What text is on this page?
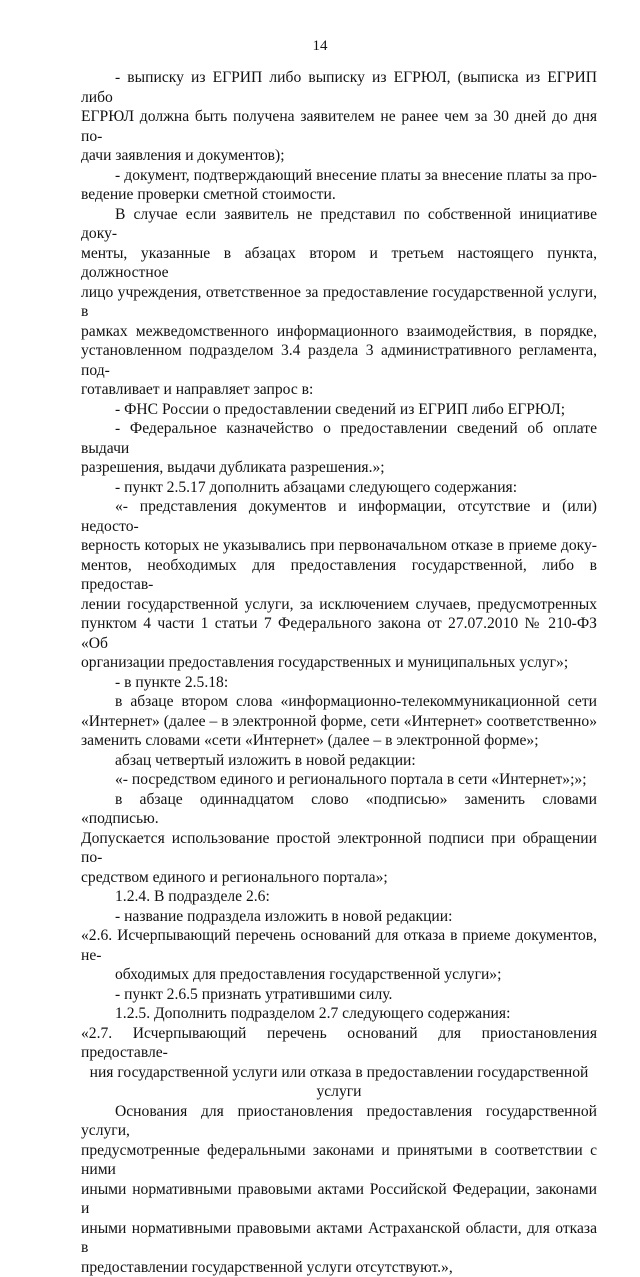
14

- выписку из ЕГРИП либо выписку из ЕГРЮЛ, (выписка из ЕГРИП либо

ЕГРЮЛ должна быть получена заявителем не ранее чем за 30 дней до дня по-

дачи заявления и документов);

- документ, подтверждающий внесение платы за внесение платы за про-

ведение проверки сметной стоимости.

В случае если заявитель не представил по собственной инициативе доку-

менты, указанные в абзацах втором и третьем настоящего пункта, должностное

лицо учреждения, ответственное за предоставление государственной услуги, в

рамках межведомственного информационного взаимодействия, в порядке,

установленном подразделом 3.4 раздела 3 административного регламента, под-

готавливает и направляет запрос в:

- ФНС России о предоставлении сведений из ЕГРИП либо ЕГРЮЛ;

- Федеральное казначейство о предоставлении сведений об оплате выдачи

разрешения, выдачи дубликата разрешения.»;

- пункт 2.5.17 дополнить абзацами следующего содержания:

«- представления документов и информации, отсутствие и (или) недосто-

верность которых не указывались при первоначальном отказе в приеме доку-

ментов, необходимых для предоставления государственной, либо в предостав-

лении государственной услуги, за исключением случаев, предусмотренных

пунктом 4 части 1 статьи 7 Федерального закона от 27.07.2010 № 210-ФЗ «Об

организации предоставления государственных и муниципальных услуг»;

- в пункте 2.5.18:

в абзаце втором слова «информационно-телекоммуникационной сети

«Интернет» (далее – в электронной форме, сети «Интернет» соответственно»

заменить словами «сети «Интернет» (далее – в электронной форме»;

абзац четвертый изложить в новой редакции:

«- посредством единого и регионального портала в сети «Интернет»;»;

в абзаце одиннадцатом слово «подписью» заменить словами «подписью.

Допускается использование простой электронной подписи при обращении по-

средством единого и регионального портала»;

1.2.4. В подразделе 2.6:

- название подраздела изложить в новой редакции:

«2.6. Исчерпывающий перечень оснований для отказа в приеме документов, не-

обходимых для предоставления государственной услуги»;

- пункт 2.6.5 признать утратившими силу.

1.2.5. Дополнить подразделом 2.7 следующего содержания:

«2.7. Исчерпывающий перечень оснований для приостановления предоставле-

ния государственной услуги или отказа в предоставлении государственной

услуги

Основания для приостановления предоставления государственной услуги,

предусмотренные федеральными законами и принятыми в соответствии с ними

иными нормативными правовыми актами Российской Федерации, законами и

иными нормативными правовыми актами Астраханской области, для отказа в

предоставлении государственной услуги отсутствуют.»,
